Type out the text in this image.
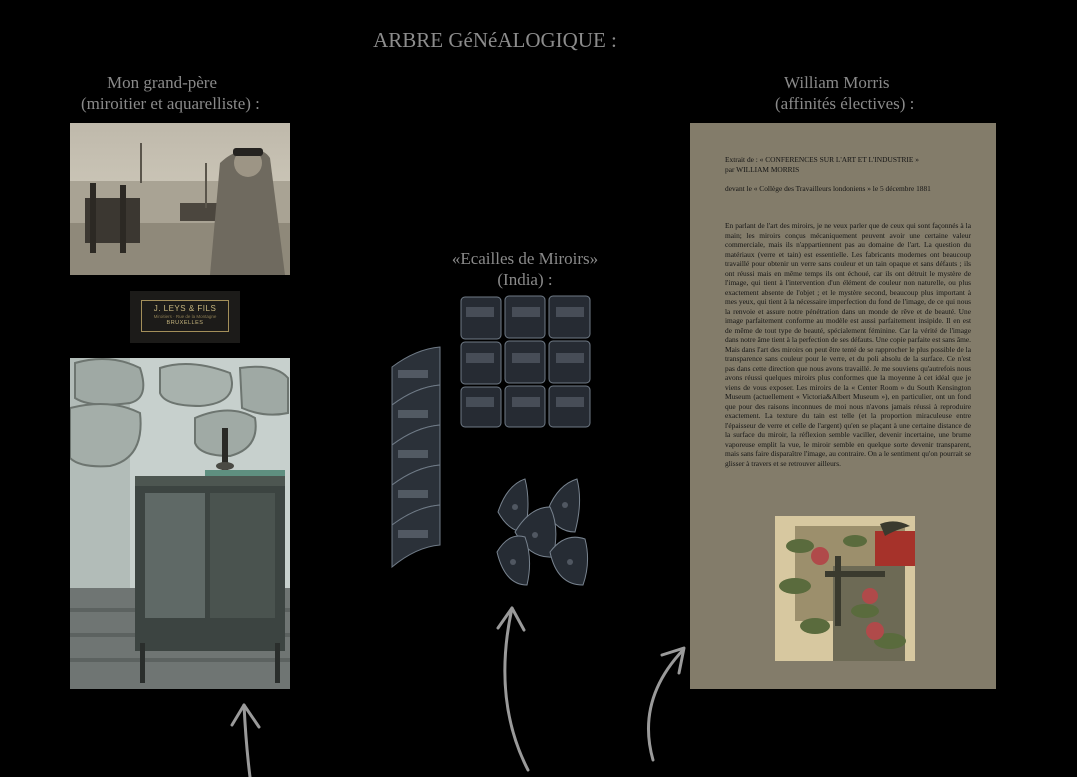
ARBRE GéNéALOGIQUE :
Mon grand-père
(miroitier et aquarelliste) :
J. LEYS & FILS
Miroitiers · Rue de la Montagne
BRUXELLES
«Ecailles de Miroirs»
(India) :
William Morris
(affinités électives) :
Extrait de : « CONFERENCES SUR L'ART ET L'INDUSTRIE »
par WILLIAM MORRIS
devant le « Collège des Travailleurs londoniens » le 5 décembre 1881
En parlant de l'art des miroirs, je ne veux parler que de ceux qui sont façonnés à la main; les miroirs conçus mécaniquement peuvent avoir une certaine valeur commerciale, mais ils n'appartiennent pas au domaine de l'art. La question du matériaux (verre et tain) est essentielle. Les fabricants modernes ont beaucoup travaillé pour obtenir un verre sans couleur et un tain opaque et sans défauts ; ils ont réussi mais en même temps ils ont échoué, car ils ont détruit le mystère de l'image, qui tient à l'intervention d'un élément de couleur non naturelle, ou plus exactement absente de l'objet ; et le mystère second, beaucoup plus important à mes yeux, qui tient à la nécessaire imperfection du fond de l'image, de ce qui nous la renvoie et assure notre pénétration dans un monde de rêve et de beauté. Une image parfaitement conforme au modèle est aussi parfaitement insipide. Il en est de même de tout type de beauté, spécialement féminine. Car la vérité de l'image dans notre âme tient à la perfection de ses défauts. Une copie parfaite est sans âme. Mais dans l'art des miroirs on peut être tenté de se rapprocher le plus possible de la transparence sans couleur pour le verre, et du poli absolu de la surface. Ce n'est pas dans cette direction que nous avons travaillé. Je me souviens qu'autrefois nous avons réussi quelques miroirs plus conformes que la moyenne à cet idéal que je viens de vous exposer. Les miroirs de la « Center Room » du South Kensington Museum (actuellement « Victoria&Albert Museum »), en particulier, ont un fond que pour des raisons inconnues de moi nous n'avons jamais réussi à reproduire exactement. La texture du tain est telle (et la proportion miraculeuse entre l'épaisseur de verre et celle de l'argent) qu'en se plaçant à une certaine distance de la surface du miroir, la réflexion semble vaciller, devenir incertaine, une brume vaporeuse emplit la vue, le miroir semble en quelque sorte devenir transparent, mais sans faire disparaître l'image, au contraire. On a le sentiment qu'on pourrait se glisser à travers et se retrouver ailleurs.
